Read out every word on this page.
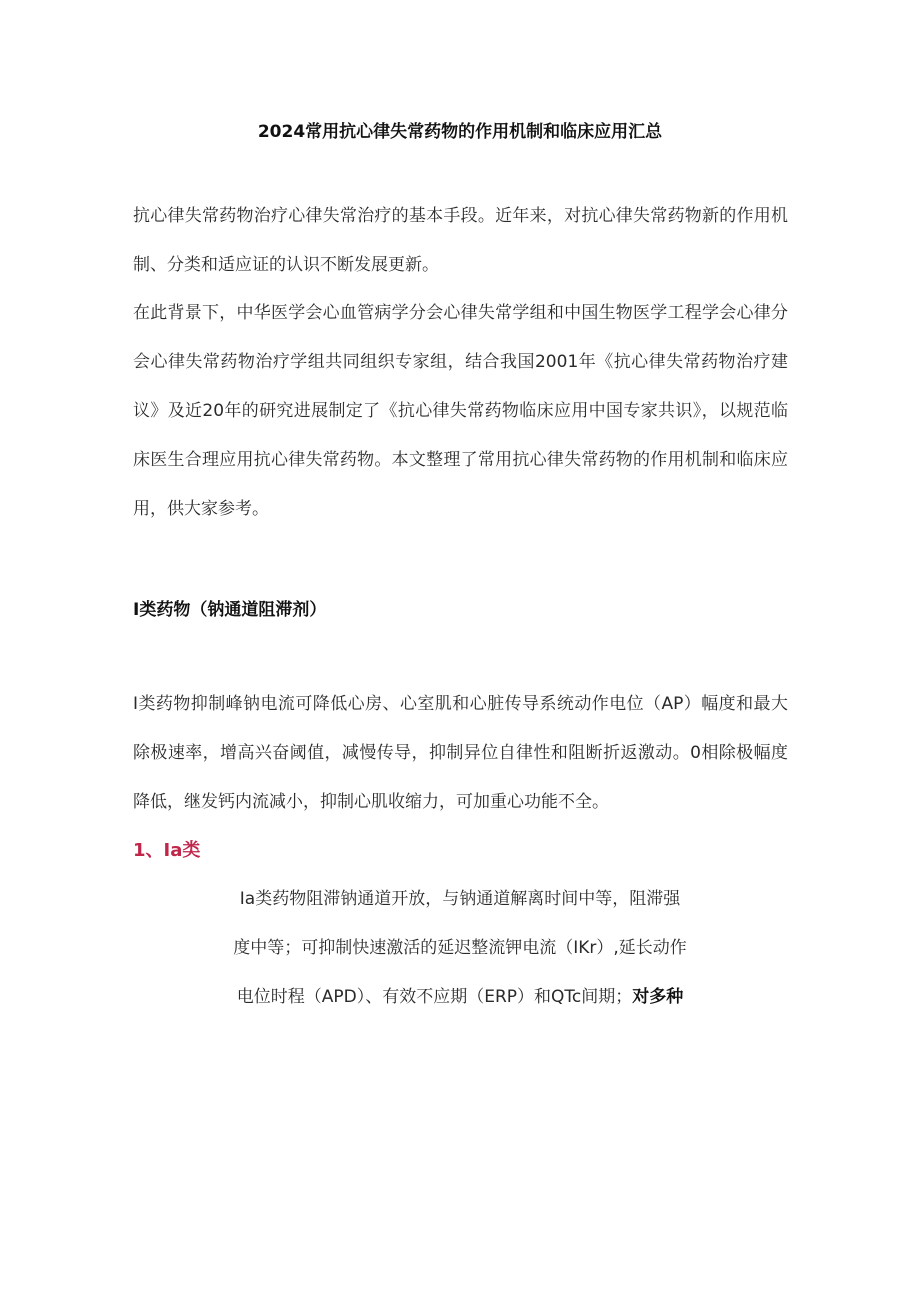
2024常用抗心律失常药物的作用机制和临床应用汇总

抗心律失常药物治疗心律失常治疗的基本手段。近年来，对抗心律失常药物新的作用机制、分类和适应证的认识不断发展更新。

在此背景下，中华医学会心血管病学分会心律失常学组和中国生物医学工程学会心律分会心律失常药物治疗学组共同组织专家组，结合我国2001年《抗心律失常药物治疗建议》及近20年的研究进展制定了《抗心律失常药物临床应用中国专家共识》，以规范临床医生合理应用抗心律失常药物。本文整理了常用抗心律失常药物的作用机制和临床应用，供大家参考。

I类药物（钠通道阻滞剂）

I类药物抑制峰钠电流可降低心房、心室肌和心脏传导系统动作电位（AP）幅度和最大除极速率，增高兴奋阈值，减慢传导，抑制异位自律性和阻断折返激动。0相除极幅度降低，继发钙内流减小，抑制心肌收缩力，可加重心功能不全。

1、Ia类

Ia类药物阻滞钠通道开放，与钠通道解离时间中等，阻滞强
度中等；可抑制快速激活的延迟整流钾电流（IKr）,延长动作
电位时程（APD）、有效不应期（ERP）和QTc间期；对多种
